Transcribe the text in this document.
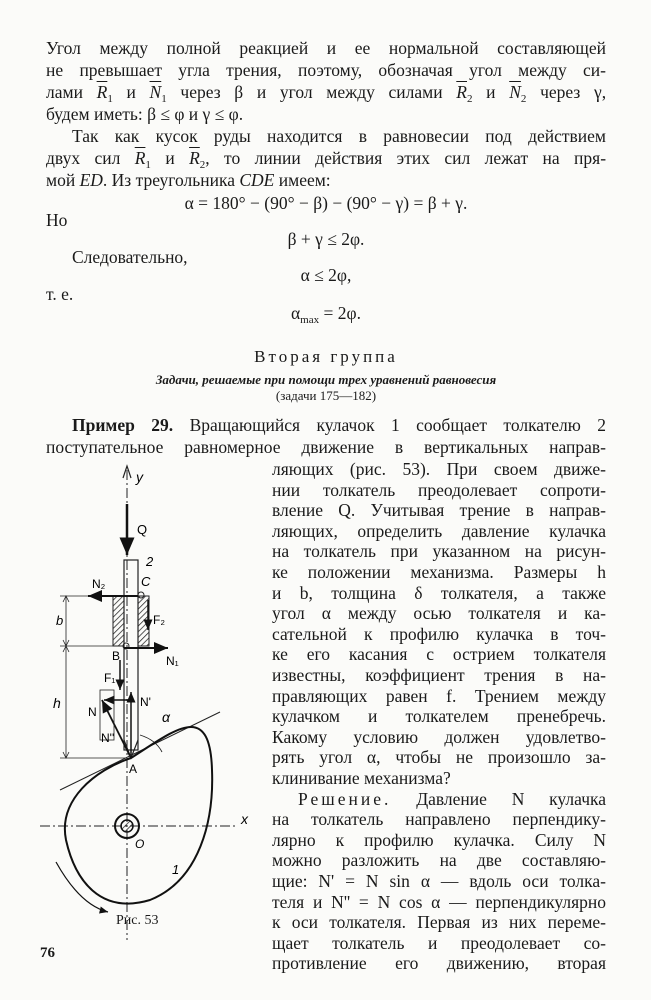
Угол между полной реакцией и ее нормальной составляющей
не превышает угла трения, поэтому, обозначая угол между си-
лами $\overline{R}_1$ и $\overline{N}_1$ через β и угол между силами $\overline{R}_2$ и $\overline{N}_2$ через γ,
будем иметь: β ≤ φ и γ ≤ φ.
Так как кусок руды находится в равновесии под действием
двух сил $\overline{R}_1$ и $\overline{R}_2$, то линии действия этих сил лежат на пря-
мой ED. Из треугольника CDE имеем:
α = 180° − (90° − β) − (90° − γ) = β + γ.
Но
β + γ ≤ 2φ.
Следовательно,
α ≤ 2φ,
т. е.
$\alpha_{max} = 2\varphi$.
Вторая группа
Задачи, решаемые при помощи трех уравнений равновесия
(задачи 175—182)
Пример 29. Вращающийся кулачок 1 сообщает толкателю 2
поступательное равномерное движение в вертикальных направ-
ляющих (рис. 53). При своем движе-
нии толкатель преодолевает сопроти-
вление Q. Учитывая трение в направ-
ляющих, определить давление кулачка
на толкатель при указанном на рисун-
ке положении механизма. Размеры h
и b, толщина δ толкателя, а также
угол α между осью толкателя и ка-
сательной к профилю кулачка в точ-
ке его касания с острием толкателя
известны, коэффициент трения в на-
правляющих равен f. Трением между
кулачком и толкателем пренебречь.
Какому условию должен удовлетво-
рять угол α, чтобы не произошло за-
клинивание механизма?
Решение. Давление N кулачка
на толкатель направлено перпендику-
лярно к профилю кулачка. Силу N
можно разложить на две составляю-
щие: N' = N sin α — вдоль оси толка-
теля и N'' = N cos α — перпендикулярно
к оси толкателя. Первая из них переме-
щает толкатель и преодолевает со-
противление его движению, вторая
y
x
Q
2
C
N₂
F₂
b
h
B	N₁
F₁
N
N'
N''
α
A
O
1
Рис. 53
76
